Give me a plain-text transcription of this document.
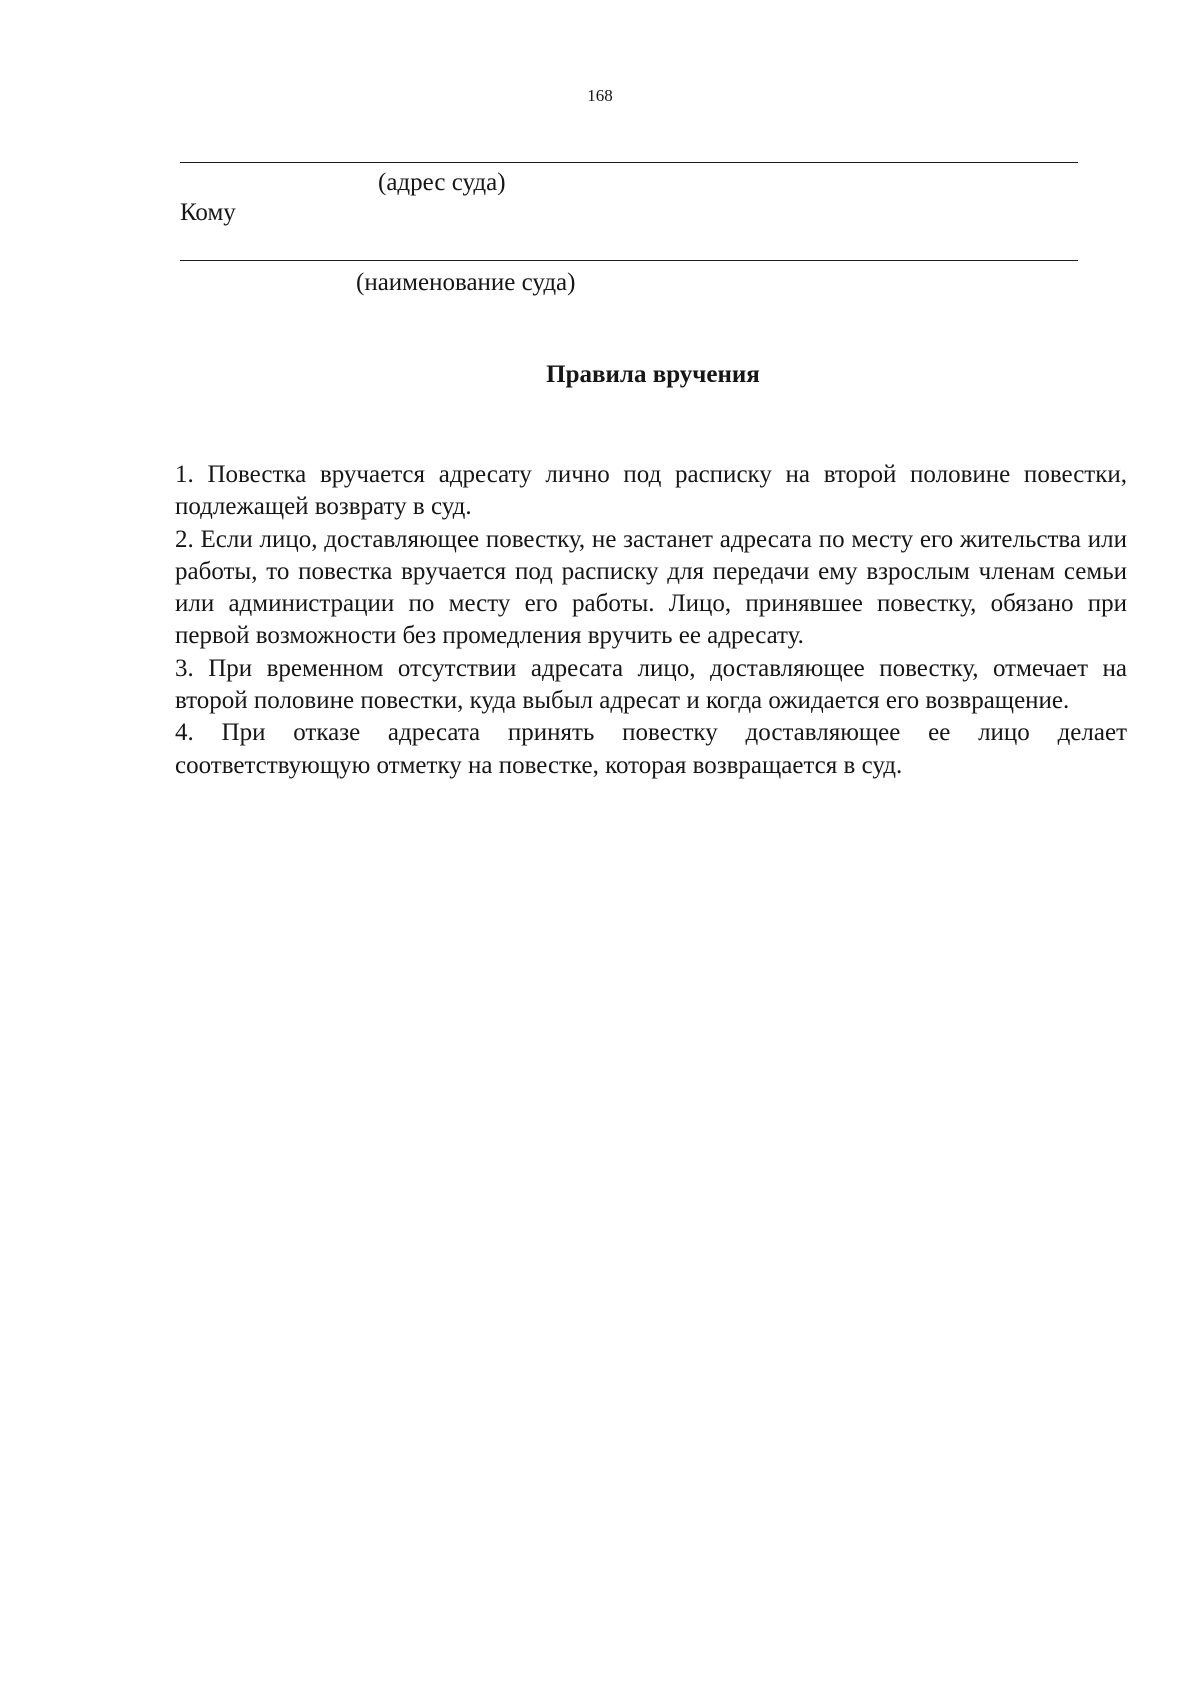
168
(адрес суда)
Кому
(наименование суда)
Правила вручения

1. Повестка вручается адресату лично под расписку на второй половине повестки, подлежащей возврату в суд.

2. Если лицо, доставляющее повестку, не застанет адресата по месту его жительства или работы, то повестка вручается под расписку для передачи ему взрослым членам семьи или администрации по месту его работы. Лицо, принявшее повестку, обязано при первой возможности без промедления вручить ее адресату.

3. При временном отсутствии адресата лицо, доставляющее повестку, отмечает на второй половине повестки, куда выбыл адресат и когда ожидается его возвращение.

4. При отказе адресата принять повестку доставляющее ее лицо делает соответствующую отметку на повестке, которая возвращается в суд.
